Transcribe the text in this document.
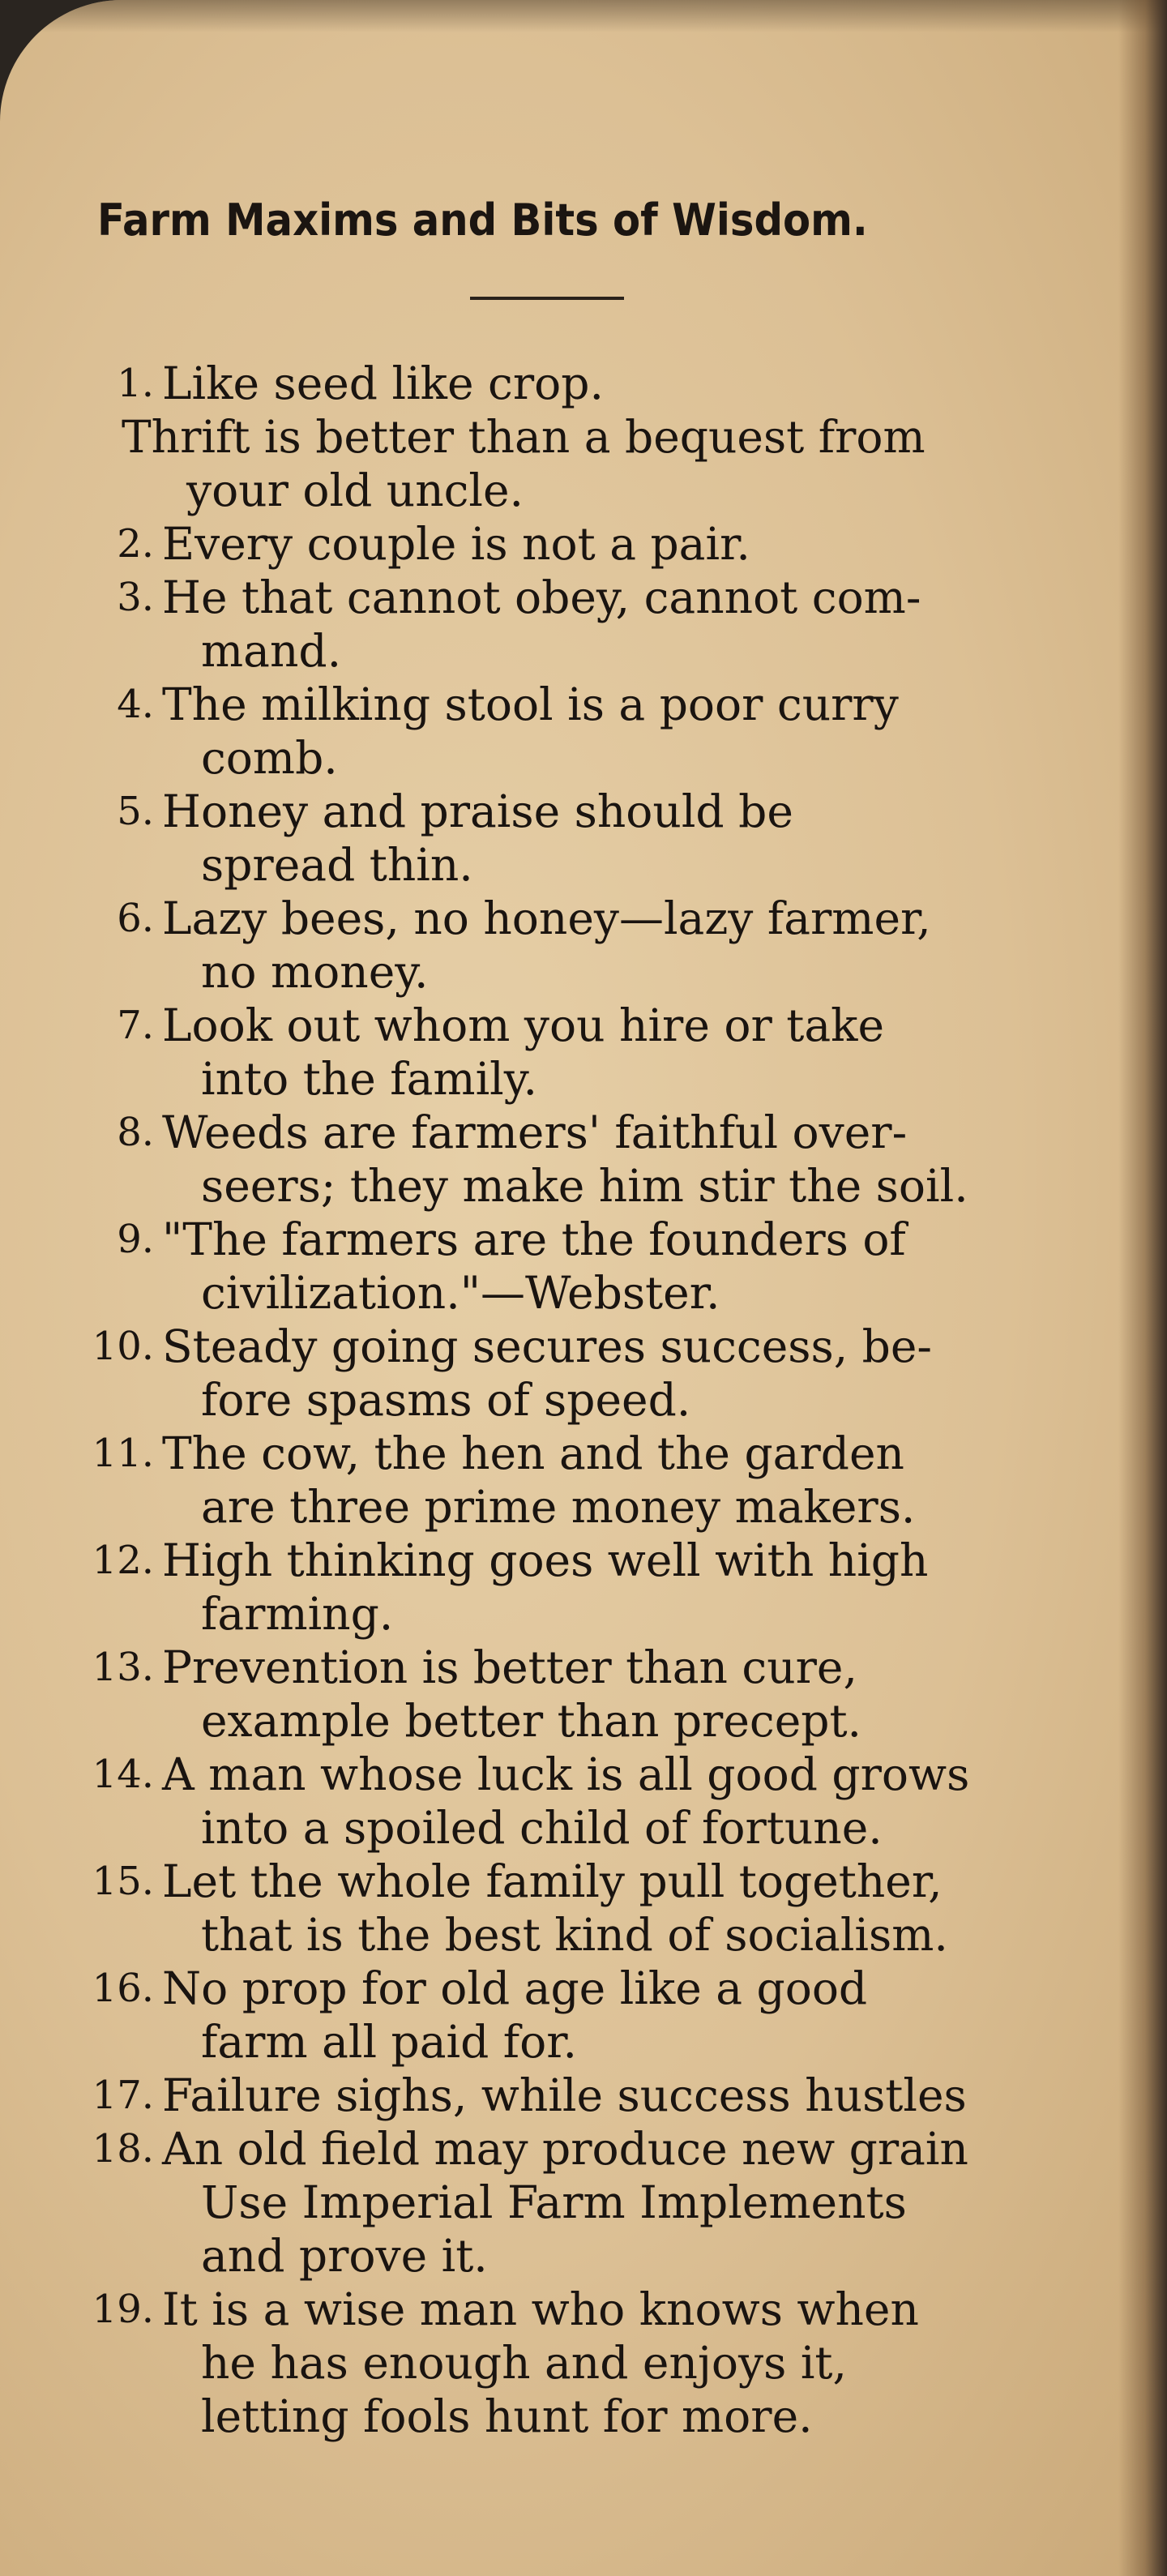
Farm Maxims and Bits of Wisdom.
1. Like seed like crop.
Thrift is better than a bequest from
your old uncle.
2. Every couple is not a pair.
3. He that cannot obey, cannot com-
mand.
4. The milking stool is a poor curry
comb.
5. Honey and praise should be
spread thin.
6. Lazy bees, no honey—lazy farmer,
no money.
7. Look out whom you hire or take
into the family.
8. Weeds are farmers' faithful over-
seers; they make him stir the soil.
9. "The farmers are the founders of
civilization."—Webster.
10. Steady going secures success, be-
fore spasms of speed.
11. The cow, the hen and the garden
are three prime money makers.
12. High thinking goes well with high
farming.
13. Prevention is better than cure,
example better than precept.
14. A man whose luck is all good grows
into a spoiled child of fortune.
15. Let the whole family pull together,
that is the best kind of socialism.
16. No prop for old age like a good
farm all paid for.
17. Failure sighs, while success hustles
18. An old field may produce new grain
Use Imperial Farm Implements
and prove it.
19. It is a wise man who knows when
he has enough and enjoys it,
letting fools hunt for more.
